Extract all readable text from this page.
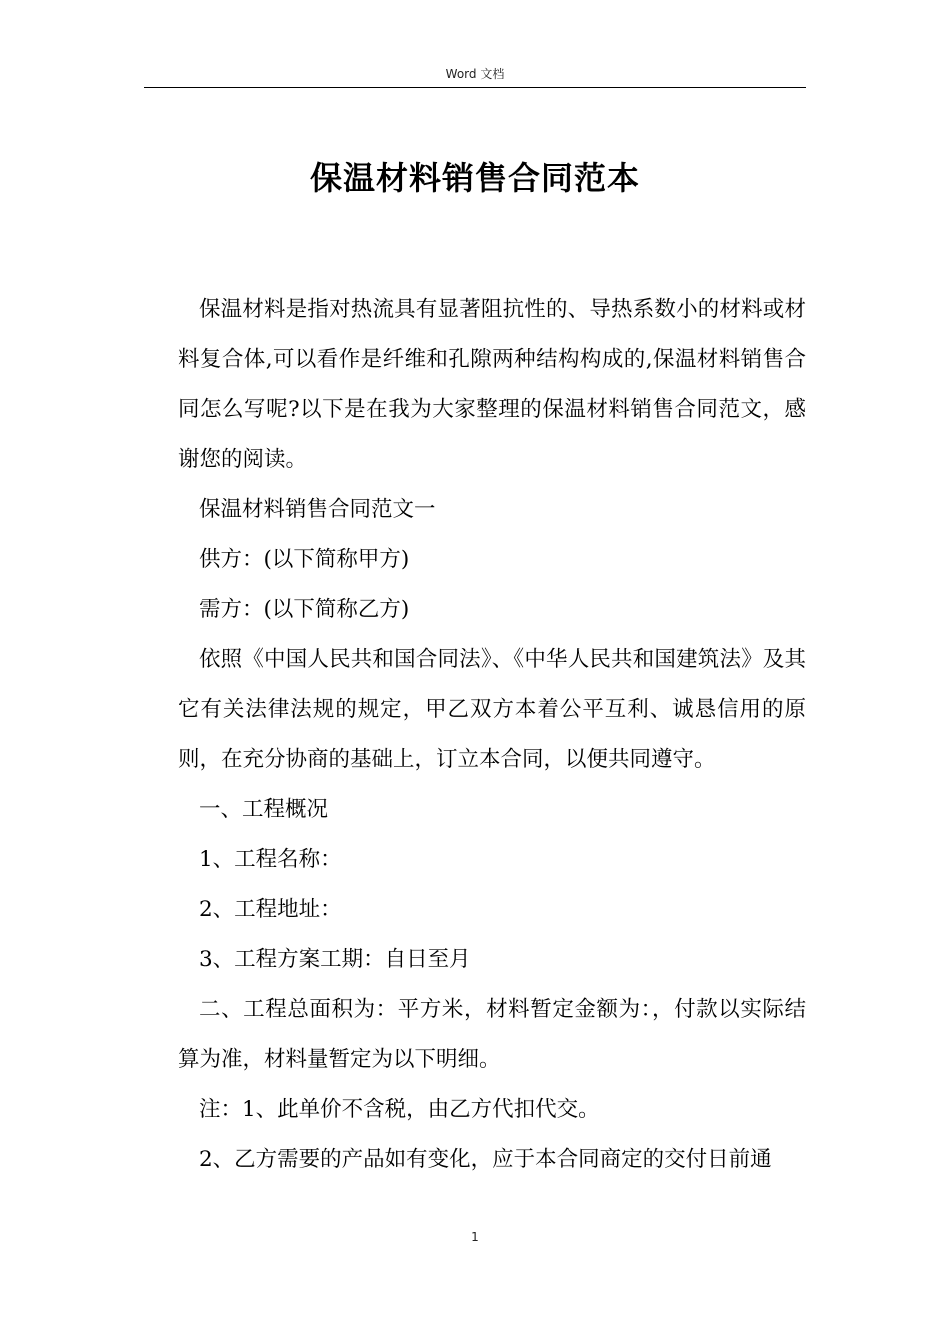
Word 文档
保温材料销售合同范本

保温材料是指对热流具有显著阻抗性的、导热系数小的材料或材料复合体,可以看作是纤维和孔隙两种结构构成的,保温材料销售合同怎么写呢?以下是在我为大家整理的保温材料销售合同范文，感谢您的阅读。

保温材料销售合同范文一

供方：(以下简称甲方)

需方：(以下简称乙方)

依照《中国人民共和国合同法》、《中华人民共和国建筑法》及其它有关法律法规的规定，甲乙双方本着公平互利、诚恳信用的原则，在充分协商的基础上，订立本合同，以便共同遵守。

一、工程概况

1、工程名称：

2、工程地址：

3、工程方案工期：自日至月

二、工程总面积为：平方米，材料暂定金额为：，付款以实际结算为准，材料量暂定为以下明细。

注：1、此单价不含税，由乙方代扣代交。

2、乙方需要的产品如有变化，应于本合同商定的交付日前通

1
